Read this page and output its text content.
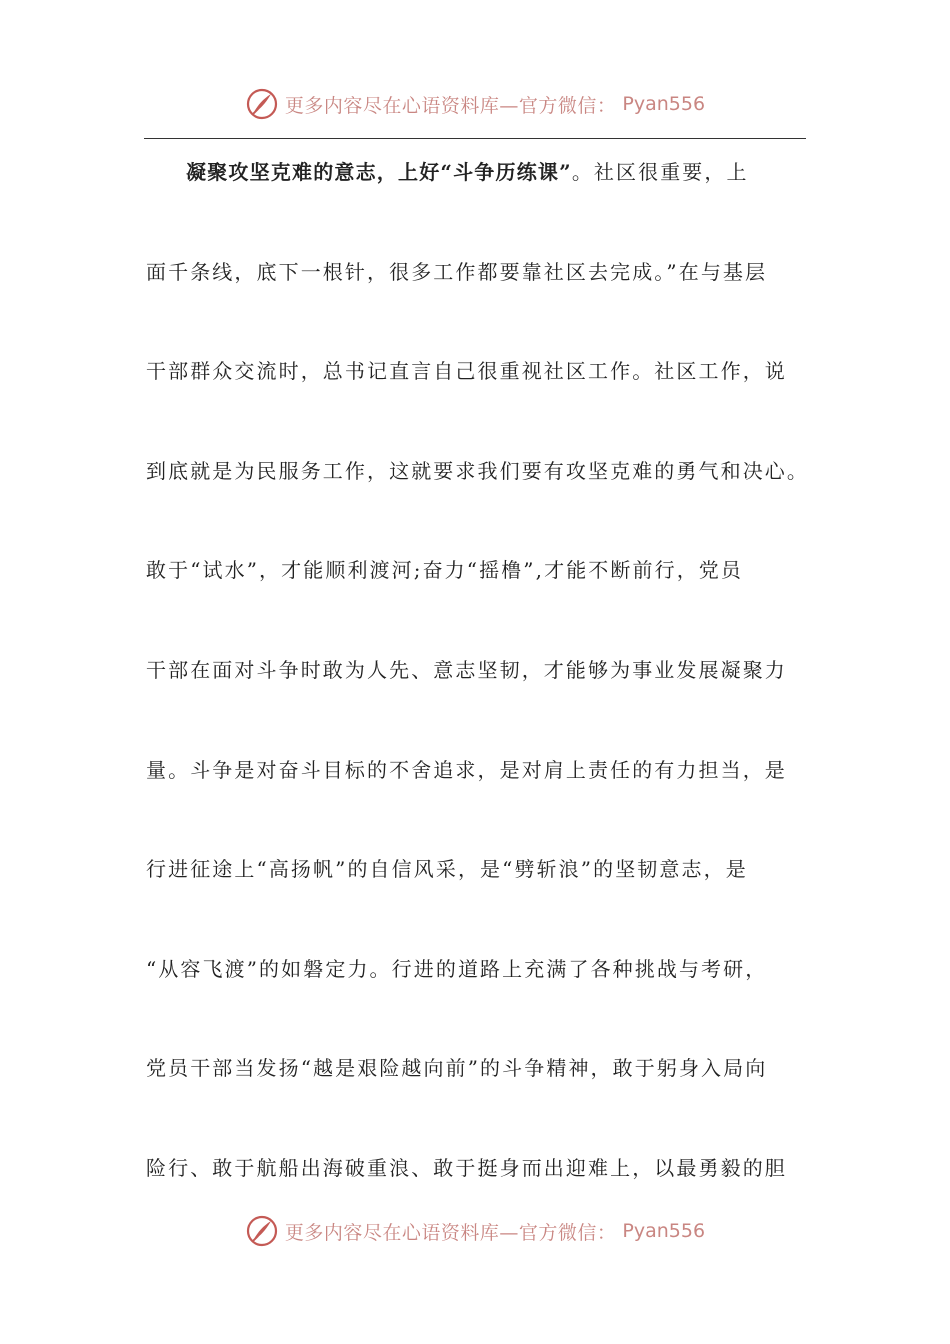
更多内容尽在心语资料库—官方微信： Pyan556
凝聚攻坚克难的意志，上好“斗争历练课”。社区很重要，上
面千条线，底下一根针，很多工作都要靠社区去完成。”在与基层
干部群众交流时，总书记直言自己很重视社区工作。社区工作，说
到底就是为民服务工作，这就要求我们要有攻坚克难的勇气和决心。
敢于“试水”，才能顺利渡河;奋力“摇橹”,才能不断前行，党员
干部在面对斗争时敢为人先、意志坚韧，才能够为事业发展凝聚力
量。斗争是对奋斗目标的不舍追求，是对肩上责任的有力担当，是
行进征途上“高扬帆”的自信风采，是“劈斩浪”的坚韧意志，是
“从容飞渡”的如磐定力。行进的道路上充满了各种挑战与考研，
党员干部当发扬“越是艰险越向前”的斗争精神，敢于躬身入局向
险行、敢于航船出海破重浪、敢于挺身而出迎难上，以最勇毅的胆
更多内容尽在心语资料库—官方微信： Pyan556
